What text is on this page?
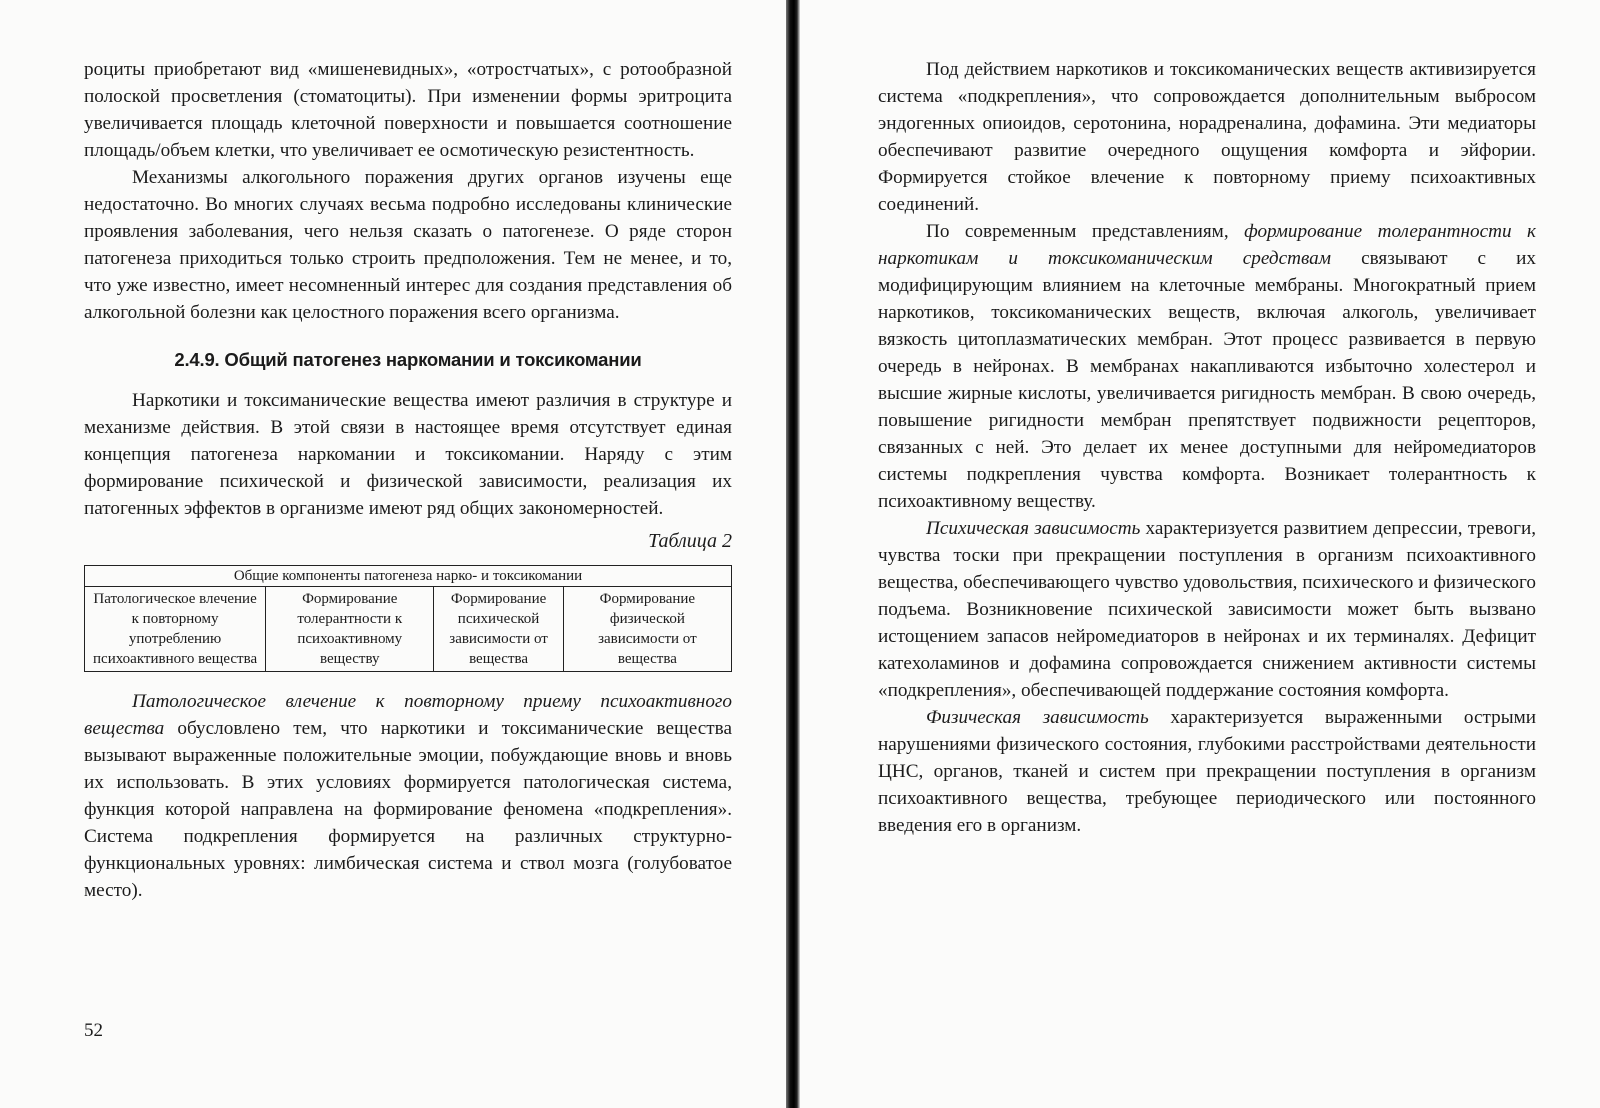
роциты приобретают вид «мишеневидных», «отростчатых», с ротообразной полоской просветления (стоматоциты). При изменении формы эритроцита увеличивается площадь клеточной поверхности и повышается соотношение площадь/объем клетки, что увеличивает ее осмотическую резистентность.

Механизмы алкогольного поражения других органов изучены еще недостаточно. Во многих случаях весьма подробно исследованы клинические проявления заболевания, чего нельзя сказать о патогенезе. О ряде сторон патогенеза приходиться только строить предположения. Тем не менее, и то, что уже известно, имеет несомненный интерес для создания представления об алкогольной болезни как целостного поражения всего организма.

2.4.9. Общий патогенез наркомании и токсикомании

Наркотики и токсиманические вещества имеют различия в структуре и механизме действия. В этой связи в настоящее время отсутствует единая концепция патогенеза наркомании и токсикомании. Наряду с этим формирование психической и физической зависимости, реализация их патогенных эффектов в организме имеют ряд общих закономерностей.

Таблица 2
Общие компоненты патогенеза нарко- и токсикомании
Патологическое влечение к повторному употреблению психоактивного вещества	Формирование толерантности к психоактивному веществу	Формирование психической зависимости от вещества	Формирование физической зависимости от вещества

Патологическое влечение к повторному приему психоактивного вещества обусловлено тем, что наркотики и токсиманические вещества вызывают выраженные положительные эмоции, побуждающие вновь и вновь их использовать. В этих условиях формируется патологическая система, функция которой направлена на формирование феномена «подкрепления». Система подкрепления формируется на различных структурно-функциональных уровнях: лимбическая система и ствол мозга (голубоватое место).

52

Под действием наркотиков и токсикоманических веществ активизируется система «подкрепления», что сопровождается дополнительным выбросом эндогенных опиоидов, серотонина, норадреналина, дофамина. Эти медиаторы обеспечивают развитие очередного ощущения комфорта и эйфории. Формируется стойкое влечение к повторному приему психоактивных соединений.

По современным представлениям, формирование толерантности к наркотикам и токсикоманическим средствам связывают с их модифицирующим влиянием на клеточные мембраны. Многократный прием наркотиков, токсикоманических веществ, включая алкоголь, увеличивает вязкость цитоплазматических мембран. Этот процесс развивается в первую очередь в нейронах. В мембранах накапливаются избыточно холестерол и высшие жирные кислоты, увеличивается ригидность мембран. В свою очередь, повышение ригидности мембран препятствует подвижности рецепторов, связанных с ней. Это делает их менее доступными для нейромедиаторов системы подкрепления чувства комфорта. Возникает толерантность к психоактивному веществу.

Психическая зависимость характеризуется развитием депрессии, тревоги, чувства тоски при прекращении поступления в организм психоактивного вещества, обеспечивающего чувство удовольствия, психического и физического подъема. Возникновение психической зависимости может быть вызвано истощением запасов нейромедиаторов в нейронах и их терминалях. Дефицит катехоламинов и дофамина сопровождается снижением активности системы «подкрепления», обеспечивающей поддержание состояния комфорта.

Физическая зависимость характеризуется выраженными острыми нарушениями физического состояния, глубокими расстройствами деятельности ЦНС, органов, тканей и систем при прекращении поступления в организм психоактивного вещества, требующее периодического или постоянного введения его в организм.
